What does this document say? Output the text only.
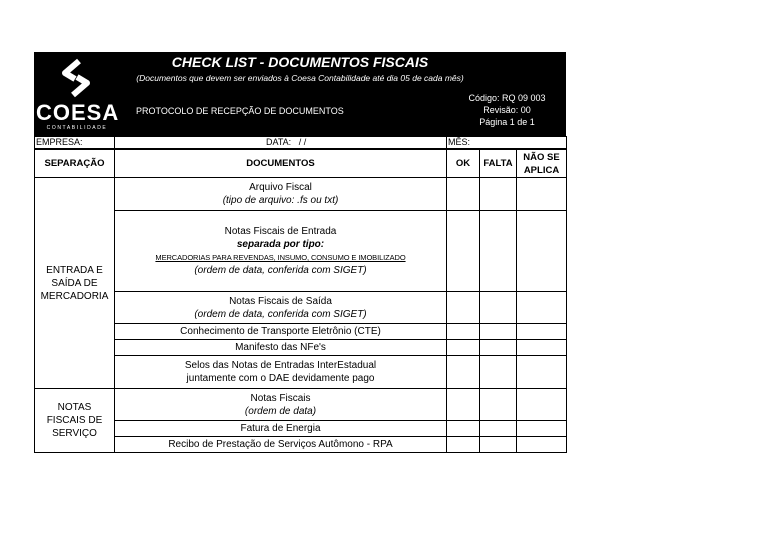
COESA
CONTABILIDADE
CHECK LIST - DOCUMENTOS FISCAIS
(Documentos que devem ser enviados à Coesa Contabilidade até dia 05 de cada mês)
PROTOCOLO DE RECEPÇÃO DE DOCUMENTOS
Código: RQ 09 003
Revisão: 00
Página 1 de 1
EMPRESA:	DATA: / /	MÊS:
SEPARAÇÃO	DOCUMENTOS	OK	FALTA	NÃO SE APLICA
ENTRADA E SAÍDA DE MERCADORIA	Arquivo Fiscal
(tipo de arquivo: .fs ou txt)			

	Notas Fiscais de Entrada
separada por tipo:
MERCADORIAS PARA REVENDAS, INSUMO, CONSUMO E IMOBILIZADO
(ordem de data, conferida com SIGET)			

	Notas Fiscais de Saída
(ordem de data, conferida com SIGET)			

	Conhecimento de Transporte Eletrônio (CTE)			
	Manifesto das NFe's			

	Selos das Notas de Entradas InterEstadual
juntamente com o DAE devidamente pago			

NOTAS FISCAIS DE SERVIÇO	Notas Fiscais
(ordem de data)			

	Fatura de Energia			
	Recibo de Prestação de Serviços Autômono - RPA			
